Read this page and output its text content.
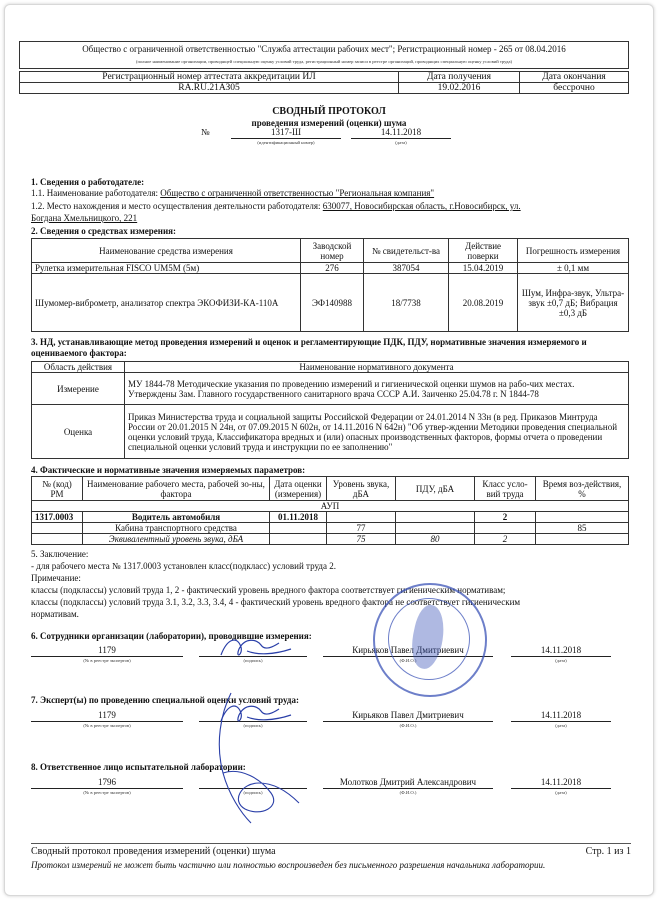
Общество с ограниченной ответственностью "Служба аттестации рабочих мест"; Регистрационный номер - 265 от 08.04.2016
(полное наименование организации, проводящей специальную оценку условий труда, регистрационный номер записи в реестре организаций, проводящих специальную оценку условий труда)
Регистрационный номер аттестата аккредитации ИЛ	Дата получения	Дата окончания
RA.RU.21АЗ05	19.02.2016	бессрочно
СВОДНЫЙ ПРОТОКОЛ
проведения измерений (оценки) шума
№	1317-Ш	14.11.2018
(идентификационный номер)	(дата)
1. Сведения о работодателе:
1.1. Наименование работодателя: Общество с ограниченной ответственностью "Региональная компания"
1.2. Место нахождения и место осуществления деятельности работодателя: 630077, Новосибирская область, г.Новосибирск, ул.
Богдана Хмельницкого, 221
2. Сведения о средствах измерения:
Наименование средства измерения	Заводской номер	№ свидетельст-ва	Действие поверки	Погрешность измерения
Рулетка измерительная FISCO UM5M (5м)	276	387054	15.04.2019	± 0,1 мм
Шумомер-виброметр, анализатор спектра ЭКОФИЗИ-КА-110А	ЭФ140988	18/7738	20.08.2019	Шум, Инфра-звук, Ультра-звук ±0,7 дБ; Вибрация ±0,3 дБ
3. НД, устанавливающие метод проведения измерений и оценок и регламентирующие ПДК, ПДУ, нормативные значения измеряемого и оцениваемого фактора:
Область действия	Наименование нормативного документа
Измерение	МУ 1844-78 Методические указания по проведению измерений и гигиенической оценки шумов на рабо-чих местах. Утверждены Зам. Главного государственного санитарного врача СССР А.И. Заиченко 25.04.78 г. N 1844-78
Оценка	Приказ Министерства труда и социальной защиты Российской Федерации от 24.01.2014 N 33н (в ред. Приказов Минтруда России от 20.01.2015 N 24н, от 07.09.2015 N 602н, от 14.11.2016 N 642н) "Об утвер-ждении Методики проведения специальной оценки условий труда, Классификатора вредных и (или) опасных производственных факторов, формы отчета о проведении специальной оценки условий труда и инструкции по ее заполнению"
4. Фактические и нормативные значения измеряемых параметров:
№ (код) РМ	Наименование рабочего места, рабочей зо-ны, фактора	Дата оценки (измерения)	Уровень звука, дБА	ПДУ, дБА	Класс усло-вий труда	Время воз-действия, %
АУП						
1317.0003	Водитель автомобиля	01.11.2018			2	
	Кабина транспортного средства		77			85
	Эквивалентный уровень звука, дБА		75	80	2	
5. Заключение:
- для рабочего места № 1317.0003 установлен класс(подкласс) условий труда 2.
Примечание:
классы (подклассы) условий труда 1, 2 - фактический уровень вредного фактора соответствует гигиеническим нормативам;
классы (подклассы) условий труда 3.1, 3.2, 3.3, 3.4, 4 - фактический уровень вредного фактора не соответствует гигиеническим
нормативам.
6. Сотрудники организации (лаборатории), проводившие измерения:
1179
(№ в реестре экспертов)	(подпись)
Кирьяков Павел Дмитриевич
(Ф.И.О.)
14.11.2018
(дата)
7. Эксперт(ы) по проведению специальной оценки условий труда:
1179
(№ в реестре экспертов)	(подпись)
Кирьяков Павел Дмитриевич
(Ф.И.О.)
14.11.2018
(дата)
8. Ответственное лицо испытательной лаборатории:
1796
(№ в реестре экспертов)	(подпись)
Молотков Дмитрий Александрович
(Ф.И.О.)
14.11.2018
(дата)
Сводный протокол проведения измерений (оценки) шума	Стр. 1 из 1
Протокол измерений не может быть частично или полностью воспроизведен без письменного разрешения начальника лаборатории.
